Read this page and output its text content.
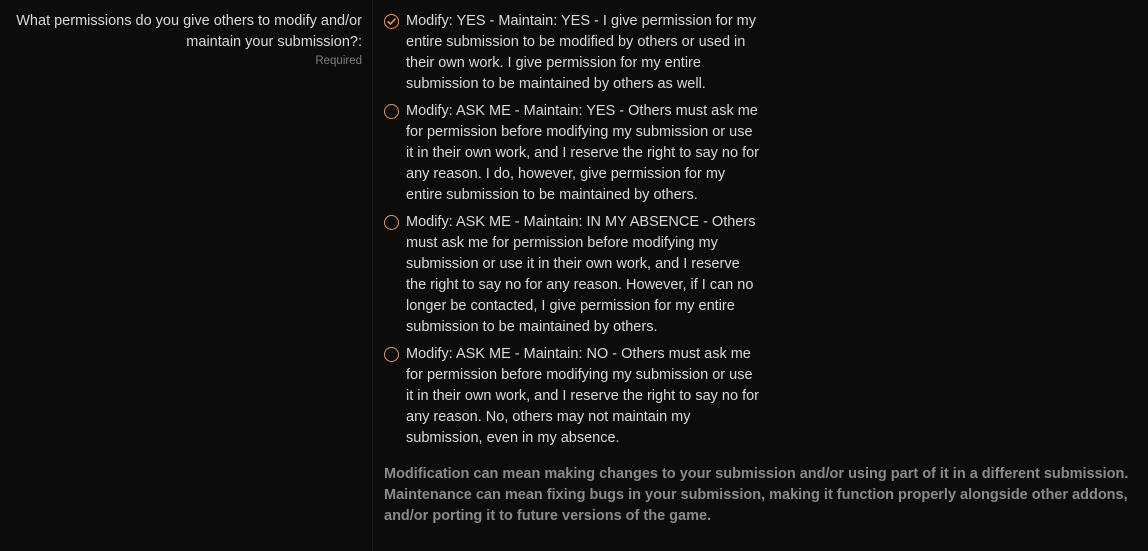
What permissions do you give others to modify and/or maintain your submission?:
Required
Modify: YES - Maintain: YES - I give permission for my entire submission to be modified by others or used in their own work. I give permission for my entire submission to be maintained by others as well.
Modify: ASK ME - Maintain: YES - Others must ask me for permission before modifying my submission or use it in their own work, and I reserve the right to say no for any reason. I do, however, give permission for my entire submission to be maintained by others.
Modify: ASK ME - Maintain: IN MY ABSENCE - Others must ask me for permission before modifying my submission or use it in their own work, and I reserve the right to say no for any reason. However, if I can no longer be contacted, I give permission for my entire submission to be maintained by others.
Modify: ASK ME - Maintain: NO - Others must ask me for permission before modifying my submission or use it in their own work, and I reserve the right to say no for any reason. No, others may not maintain my submission, even in my absence.
Modification can mean making changes to your submission and/or using part of it in a different submission. Maintenance can mean fixing bugs in your submission, making it function properly alongside other addons, and/or porting it to future versions of the game.
